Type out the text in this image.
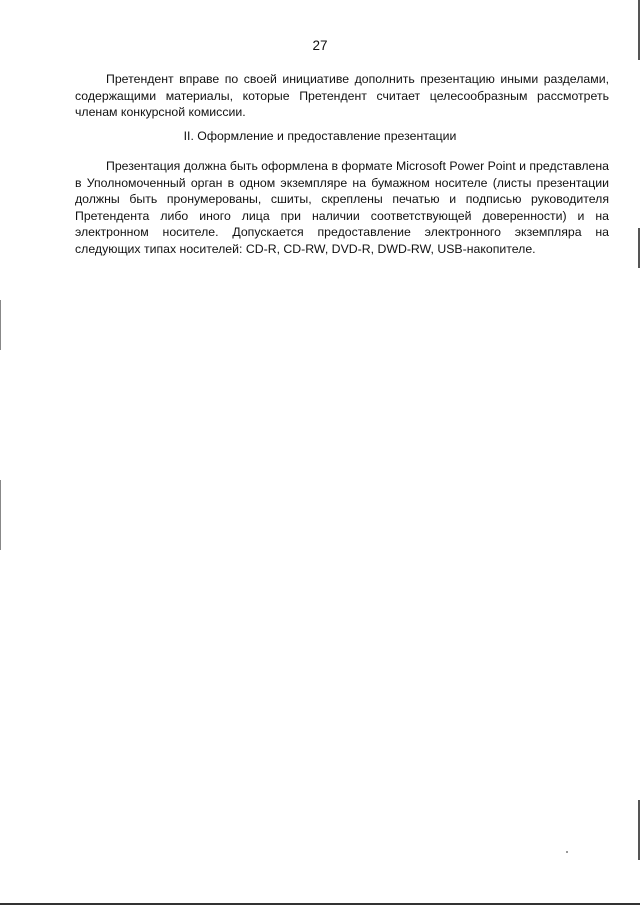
27

Претендент вправе по своей инициативе дополнить презентацию иными разделами, содержащими материалы, которые Претендент считает целесообразным рассмотреть членам конкурсной комиссии.

II. Оформление и предоставление презентации

Презентация должна быть оформлена в формате Microsoft Power Point и представлена в Уполномоченный орган в одном экземпляре на бумажном носителе (листы презентации должны быть пронумерованы, сшиты, скреплены печатью и подписью руководителя Претендента либо иного лица при наличии соответствующей доверенности) и на электронном носителе. Допускается предоставление электронного экземпляра на следующих типах носителей: CD-R, CD-RW, DVD-R, DWD-RW, USB-накопителе.
